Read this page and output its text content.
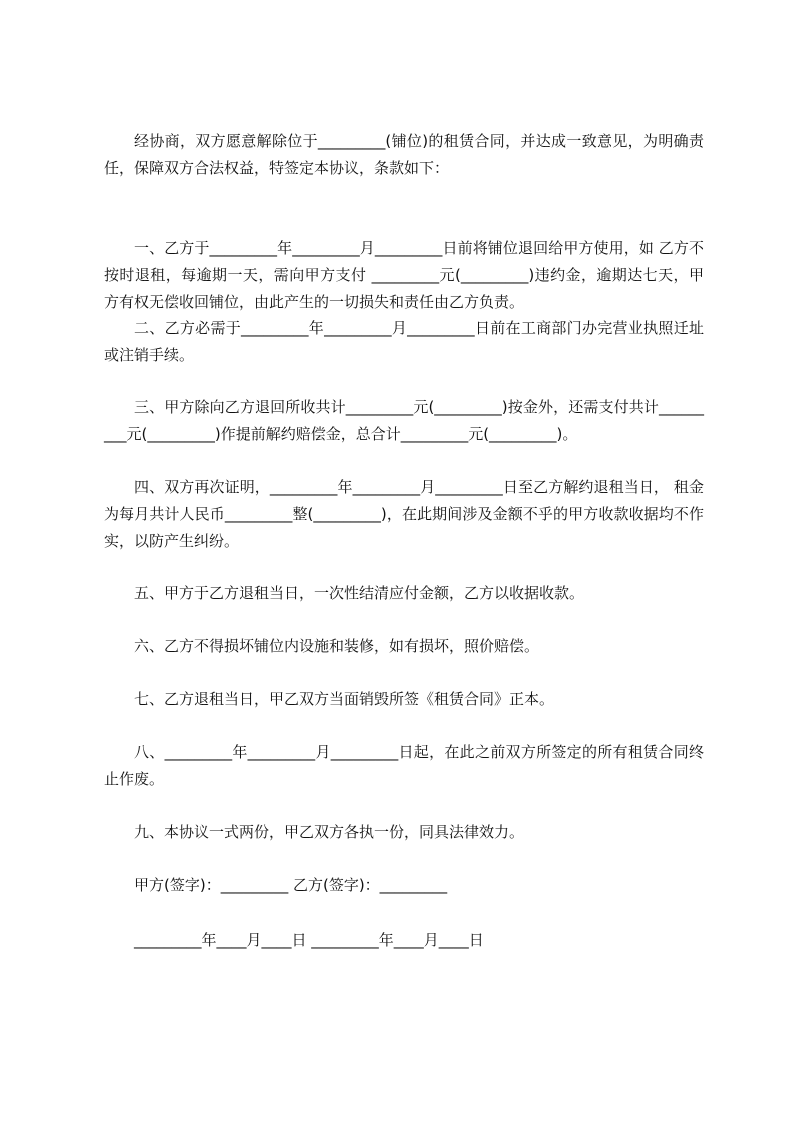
经协商，双方愿意解除位于_________(铺位)的租赁合同，并达成一致意见，为明确责任，保障双方合法权益，特签定本协议，条款如下：

一、乙方于_________年_________月_________日前将铺位退回给甲方使用，如 乙方不按时退租，每逾期一天，需向甲方支付 _________元(_________)违约金，逾期达七天，甲方有权无偿收回铺位，由此产生的一切损失和责任由乙方负责。

二、乙方必需于_________年_________月_________日前在工商部门办完营业执照迁址或注销手续。

三、甲方除向乙方退回所收共计_________元(_________)按金外，还需支付共计_________元(_________)作提前解约赔偿金，总合计_________元(_________)。

四、双方再次证明，_________年_________月_________日至乙方解约退租当日， 租金为每月共计人民币_________整(_________)，在此期间涉及金额不乎的甲方收款收据均不作实，以防产生纠纷。

五、甲方于乙方退租当日，一次性结清应付金额，乙方以收据收款。

六、乙方不得损坏铺位内设施和装修，如有损坏，照价赔偿。

七、乙方退租当日，甲乙双方当面销毁所签《租赁合同》正本。

八、_________年_________月_________日起，在此之前双方所签定的所有租赁合同终止作废。

九、本协议一式两份，甲乙双方各执一份，同具法律效力。

甲方(签字)：_________ 乙方(签字)：_________

_________年____月____日 _________年____月____日
